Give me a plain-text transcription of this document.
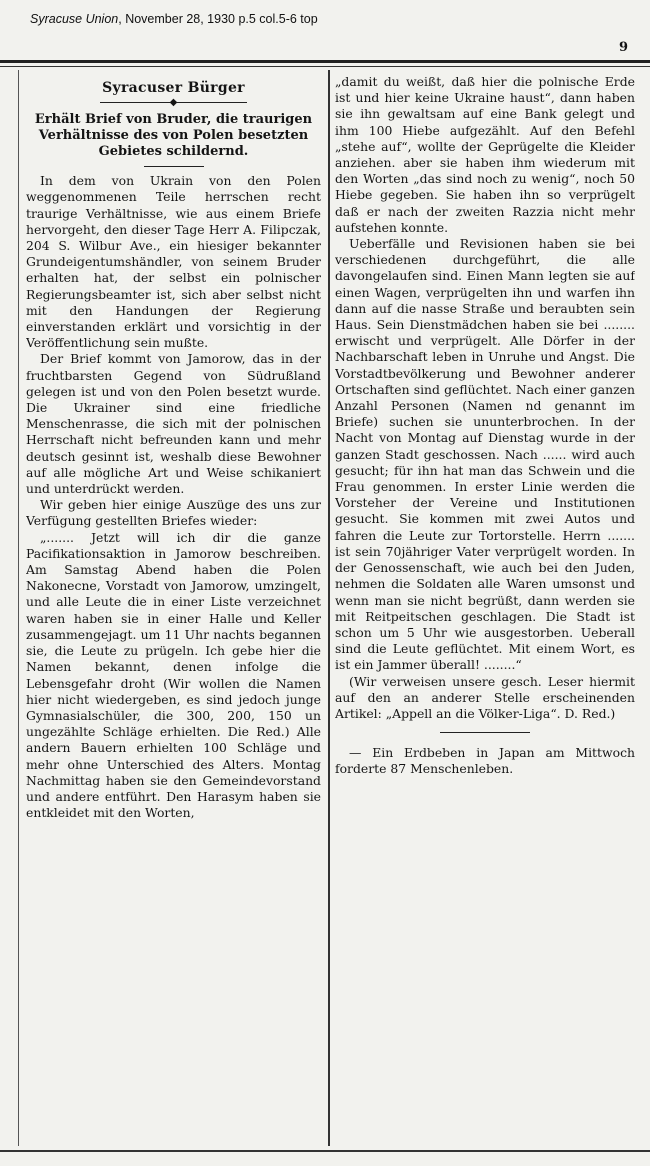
Syracuse Union, November 28, 1930 p.5 col.5-6 top
9
Syracuser Bürger
◆
Erhält Brief von Bruder, die traurigen Verhältnisse des von Polen besetzten Gebietes schildernd.

In dem von Ukrain von den Polen weggenommenen Teile herrschen recht traurige Verhältnisse, wie aus einem Briefe hervorgeht, den dieser Tage Herr A. Filipczak, 204 S. Wilbur Ave., ein hiesiger bekannter Grundeigentumshändler, von seinem Bruder erhalten hat, der selbst ein polnischer Regierungsbeamter ist, sich aber selbst nicht mit den Handungen der Regierung einverstanden erklärt und vorsichtig in der Veröffentlichung sein mußte.

Der Brief kommt von Jamorow, das in der fruchtbarsten Gegend von Südrußland gelegen ist und von den Polen besetzt wurde. Die Ukrainer sind eine friedliche Menschenrasse, die sich mit der polnischen Herrschaft nicht befreunden kann und mehr deutsch gesinnt ist, weshalb diese Bewohner auf alle mögliche Art und Weise schikaniert und unterdrückt werden.

Wir geben hier einige Auszüge des uns zur Verfügung gestellten Briefes wieder:

„....... Jetzt will ich dir die ganze Pacifikationsaktion in Jamorow beschreiben. Am Samstag Abend haben die Polen Nakonecne, Vorstadt von Jamorow, umzingelt, und alle Leute die in einer Liste verzeichnet waren haben sie in einer Halle und Keller zusammengejagt. um 11 Uhr nachts begannen sie, die Leute zu prügeln. Ich gebe hier die Namen bekannt, denen infolge die Lebensgefahr droht (Wir wollen die Namen hier nicht wiedergeben, es sind jedoch junge Gymnasialschüler, die 300, 200, 150 un ungezählte Schläge erhielten. Die Red.) Alle andern Bauern erhielten 100 Schläge und mehr ohne Unterschied des Alters. Montag Nachmittag haben sie den Gemeindevorstand und andere entführt. Den Harasym haben sie entkleidet mit den Worten,

„damit du weißt, daß hier die polnische Erde ist und hier keine Ukraine haust“, dann haben sie ihn gewaltsam auf eine Bank gelegt und ihm 100 Hiebe aufgezählt. Auf den Befehl „stehe auf“, wollte der Geprügelte die Kleider anziehen. aber sie haben ihm wiederum mit den Worten „das sind noch zu wenig“, noch 50 Hiebe gegeben. Sie haben ihn so verprügelt daß er nach der zweiten Razzia nicht mehr aufstehen konnte.

Ueberfälle und Revisionen haben sie bei verschiedenen durchgeführt, die alle davongelaufen sind. Einen Mann legten sie auf einen Wagen, verprügelten ihn und warfen ihn dann auf die nasse Straße und beraubten sein Haus. Sein Dienstmädchen haben sie bei ........ erwischt und verprügelt. Alle Dörfer in der Nachbarschaft leben in Unruhe und Angst. Die Vorstadtbevölkerung und Bewohner anderer Ortschaften sind geflüchtet. Nach einer ganzen Anzahl Personen (Namen nd genannt im Briefe) suchen sie ununterbrochen. In der Nacht von Montag auf Dienstag wurde in der ganzen Stadt geschossen. Nach ...... wird auch gesucht; für ihn hat man das Schwein und die Frau genommen. In erster Linie werden die Vorsteher der Vereine und Institutionen gesucht. Sie kommen mit zwei Autos und fahren die Leute zur Tortorstelle. Herrn ....... ist sein 70jähriger Vater verprügelt worden. In der Genossenschaft, wie auch bei den Juden, nehmen die Soldaten alle Waren umsonst und wenn man sie nicht begrüßt, dann werden sie mit Reitpeitschen geschlagen. Die Stadt ist schon um 5 Uhr wie ausgestorben. Ueberall sind die Leute geflüchtet. Mit einem Wort, es ist ein Jammer überall! ........“

(Wir verweisen unsere gesch. Leser hiermit auf den an anderer Stelle erscheinenden Artikel: „Appell an die Völker-Liga“. D. Red.)

— Ein Erdbeben in Japan am Mittwoch forderte 87 Menschenleben.
